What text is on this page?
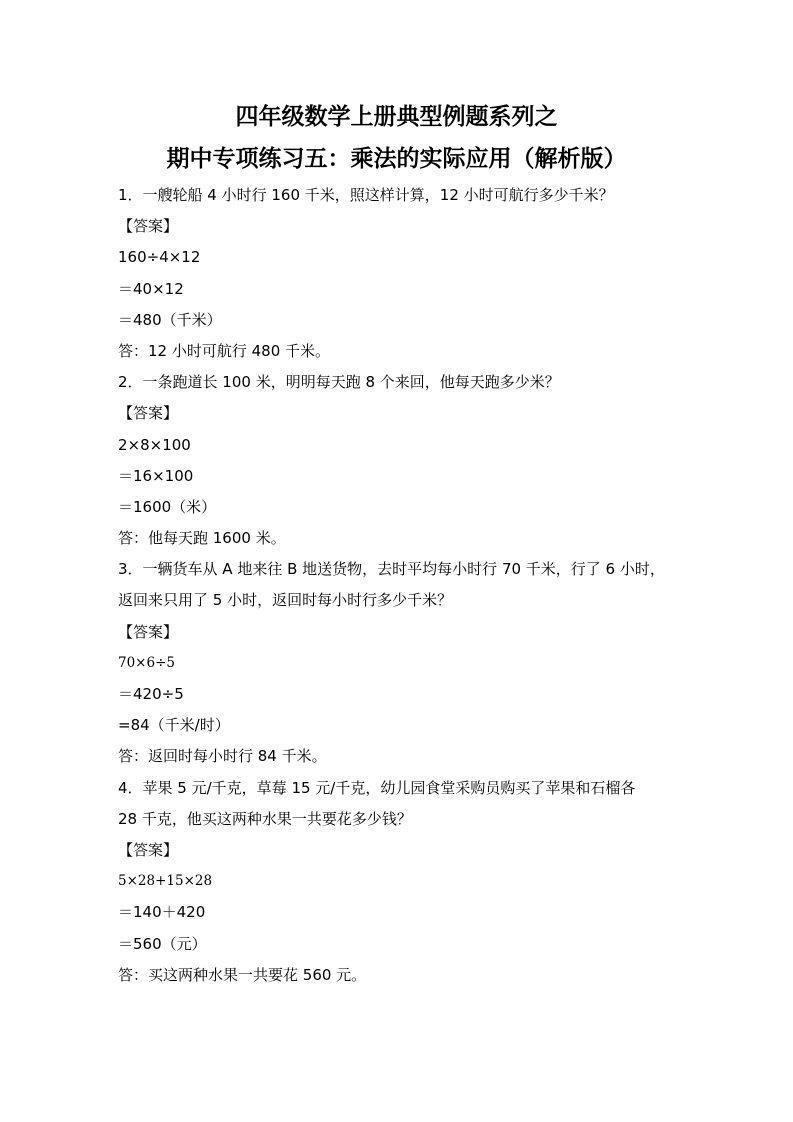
四年级数学上册典型例题系列之
期中专项练习五：乘法的实际应用（解析版）
1．一艘轮船 4 小时行 160 千米，照这样计算，12 小时可航行多少千米？
【答案】
160÷4×12
＝40×12
＝480（千米）
答：12 小时可航行 480 千米。
2．一条跑道长 100 米，明明每天跑 8 个来回，他每天跑多少米？
【答案】
2×8×100
＝16×100
＝1600（米）
答：他每天跑 1600 米。
3．一辆货车从 A 地来往 B 地送货物，去时平均每小时行 70 千米，行了 6 小时，
返回来只用了 5 小时，返回时每小时行多少千米？
【答案】
70×6÷5
＝420÷5
=84（千米/时）
答：返回时每小时行 84 千米。
4．苹果 5 元/千克，草莓 15 元/千克，幼儿园食堂采购员购买了苹果和石榴各
28 千克，他买这两种水果一共要花多少钱？
【答案】
5×28+15×28
＝140＋420
＝560（元）
答：买这两种水果一共要花 560 元。
